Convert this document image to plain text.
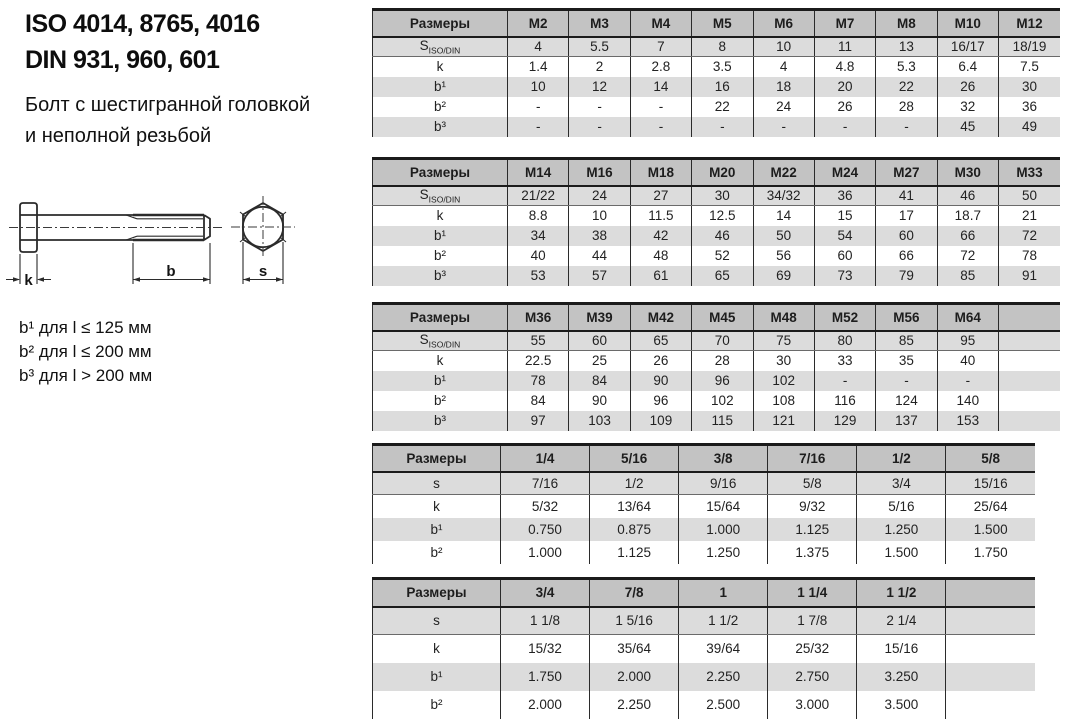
ISO 4014, 8765, 4016
DIN 931, 960, 601
Болт с шестигранной головкой
и неполной резьбой
k
b	s
b¹ для l ≤ 125 мм
b² для l ≤ 200 мм
b³ для l > 200 мм
Размеры	M2	M3	M4	M5	M6	M7	M8	M10	M12
$S_{ISO/DIN}$	4	5.5	7	8	10	11	13	16/17	18/19
k	1.4	2	2.8	3.5	4	4.8	5.3	6.4	7.5
b¹	10	12	14	16	18	20	22	26	30
b²	-	-	-	22	24	26	28	32	36
b³	-	-	-	-	-	-	-	45	49
Размеры	M14	M16	M18	M20	M22	M24	M27	M30	M33
$S_{ISO/DIN}$	21/22	24	27	30	34/32	36	41	46	50
k	8.8	10	11.5	12.5	14	15	17	18.7	21
b¹	34	38	42	46	50	54	60	66	72
b²	40	44	48	52	56	60	66	72	78
b³	53	57	61	65	69	73	79	85	91
Размеры	M36	M39	M42	M45	M48	M52	M56	M64	
$S_{ISO/DIN}$	55	60	65	70	75	80	85	95	
k	22.5	25	26	28	30	33	35	40	
b¹	78	84	90	96	102	-	-	-	
b²	84	90	96	102	108	116	124	140	
b³	97	103	109	115	121	129	137	153	
Размеры	1/4	5/16	3/8	7/16	1/2	5/8
s	7/16	1/2	9/16	5/8	3/4	15/16
k	5/32	13/64	15/64	9/32	5/16	25/64
b¹	0.750	0.875	1.000	1.125	1.250	1.500
b²	1.000	1.125	1.250	1.375	1.500	1.750
Размеры	3/4	7/8	1	1 1/4	1 1/2	
s	1 1/8	1 5/16	1 1/2	1 7/8	2 1/4	
k	15/32	35/64	39/64	25/32	15/16	
b¹	1.750	2.000	2.250	2.750	3.250	
b²	2.000	2.250	2.500	3.000	3.500	
